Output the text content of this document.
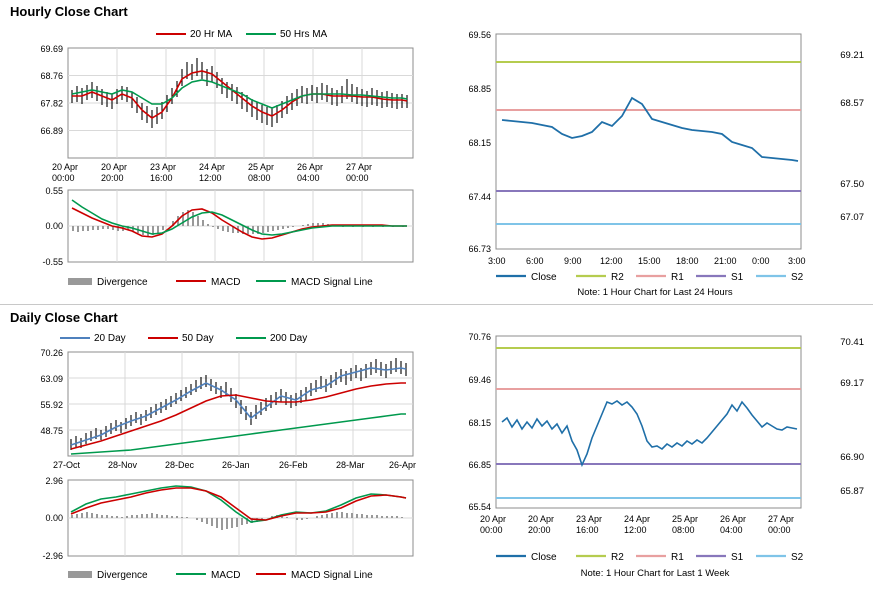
Hourly Close Chart
20 Hr MA	50 Hrs MA
69.69
68.76
67.82
66.89
20 Apr
00:00
20 Apr
20:00
23 Apr
16:00
24 Apr
12:00
25 Apr
08:00
26 Apr
04:00
27 Apr
00:00
0.55
0.00
-0.55
Divergence	MACD	MACD Signal Line
69.56
68.85
68.15
67.44
66.73
69.21
68.57
67.50
67.07
3:00 6:00 9:00 12:00 15:00 18:00 21:00 0:00 3:00
Close	R2	R1	S1	S2
Note: 1 Hour Chart for Last 24 Hours
Daily Close Chart
20 Day	50 Day	200 Day
70.26
63.09
55.92
48.75
27-Oct	28-Nov	28-Dec	26-Jan	26-Feb	28-Mar	26-Apr
2.96
0.00
-2.96
Divergence	MACD	MACD Signal Line
70.76
69.46
68.15
66.85
65.54
70.41
69.17
66.90
65.87
20 Apr
00:00
20 Apr
20:00
23 Apr
16:00
24 Apr
12:00
25 Apr
08:00
26 Apr
04:00
27 Apr
00:00
Close	R2	R1	S1	S2
Note: 1 Hour Chart for Last 1 Week
